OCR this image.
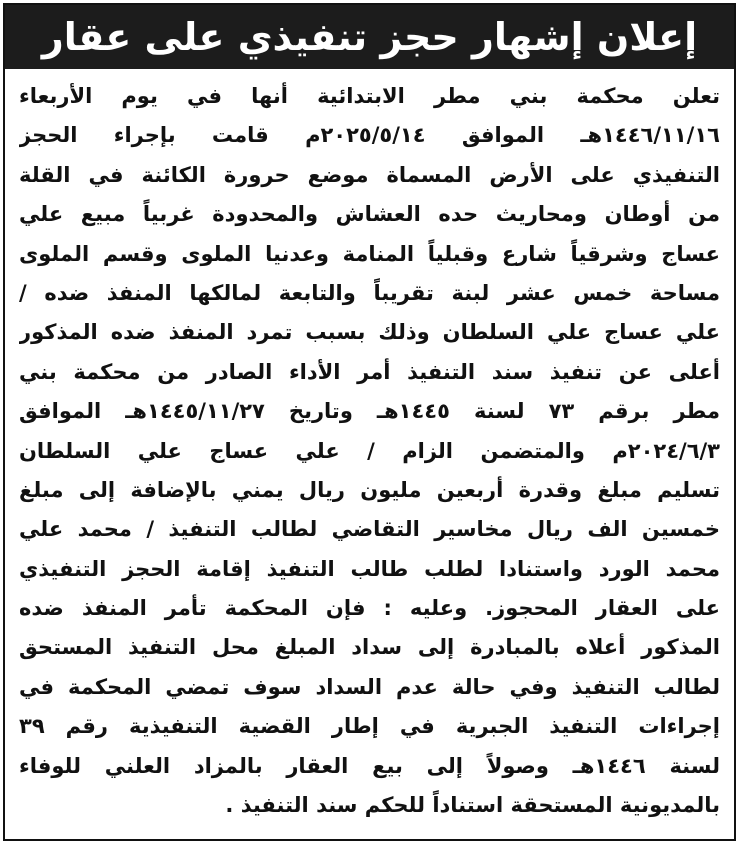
إعلان إشهار حجز تنفيذي على عقار
تعلن محكمة بني مطر الابتدائية أنها في يوم الأربعاء
١٤٤٦/١١/١٦هـ الموافق ٢٠٢٥/٥/١٤م قامت بإجراء الحجز
التنفيذي على الأرض المسماة موضع حرورة الكائنة في القلة
من أوطان ومحاريث حده العشاش والمحدودة غربياً مبيع علي
عساج وشرقياً شارع وقبلياً المنامة وعدنيا الملوى وقسم الملوى
مساحة خمس عشر لبنة تقريباً والتابعة لمالكها المنفذ ضده /
علي عساج علي السلطان وذلك بسبب تمرد المنفذ ضده المذكور
أعلى عن تنفيذ سند التنفيذ أمر الأداء الصادر من محكمة بني
مطر برقم ٧٣ لسنة ١٤٤٥هـ وتاريخ ١٤٤٥/١١/٢٧هـ الموافق
٢٠٢٤/٦/٣م والمتضمن الزام / علي عساج علي السلطان
تسليم مبلغ وقدرة أربعين مليون ريال يمني بالإضافة إلى مبلغ
خمسين الف ريال مخاسير التقاضي لطالب التنفيذ / محمد علي
محمد الورد واستنادا لطلب طالب التنفيذ إقامة الحجز التنفيذي
على العقار المحجوز. وعليه : فإن المحكمة تأمر المنفذ ضده
المذكور أعلاه بالمبادرة إلى سداد المبلغ محل التنفيذ المستحق
لطالب التنفيذ وفي حالة عدم السداد سوف تمضي المحكمة في
إجراءات التنفيذ الجبرية في إطار القضية التنفيذية رقم ٣٩
لسنة ١٤٤٦هـ وصولاً إلى بيع العقار بالمزاد العلني للوفاء
بالمديونية المستحقة استناداً للحكم سند التنفيذ .
